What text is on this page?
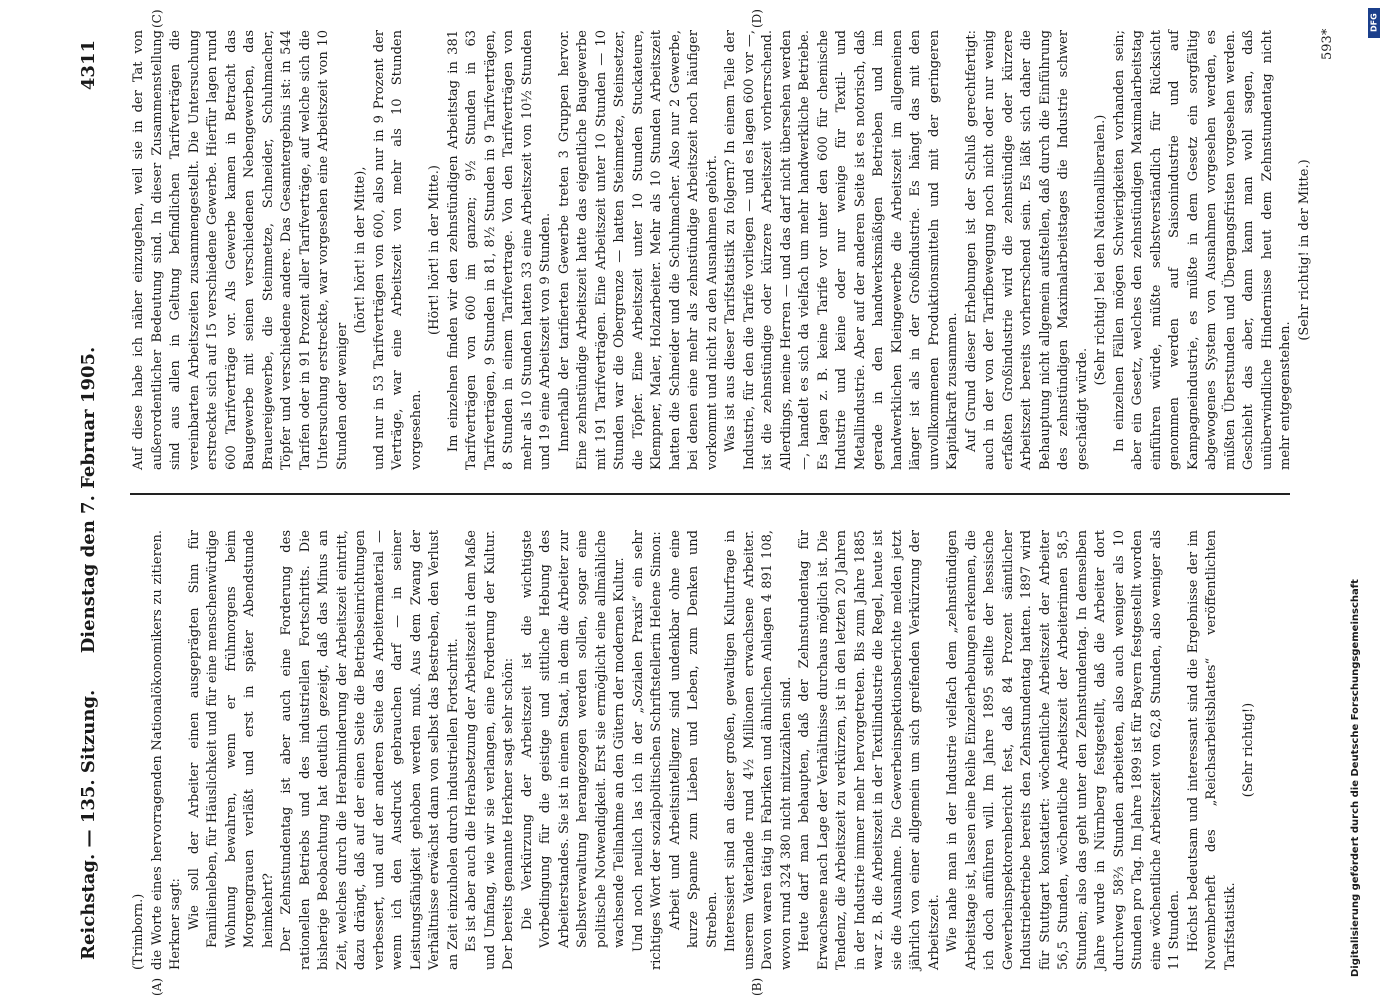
Reichstag. — 135. Sitzung.
Dienstag den 7. Februar 1905.
4311
(A)	(B)
(C)	(D)

(Trimborn.) die Worte eines hervorragenden Nationalökonomikers zu zitieren. Herkner sagt: Wie soll der Arbeiter einen ausgeprägten Sinn für Familienleben, für Häuslichkeit und für eine menschenwürdige Wohnung bewahren, wenn er frühmorgens beim Morgengrauen verläßt und erst in später Abendstunde heimkehrt? Der Zehnstundentag ist aber auch eine Forderung des rationellen Betriebs und des industriellen Fortschritts. Die bisherige Beobachtung hat deutlich gezeigt, daß das Minus an Zeit, welches durch die Herabminderung der Arbeitszeit eintritt, dazu drängt, daß auf der einen Seite die Betriebseinrichtungen verbessert, und auf der anderen Seite das Arbeitermaterial — wenn ich den Ausdruck gebrauchen darf — in seiner Leistungsfähigkeit gehoben werden muß. Aus dem Zwang der Verhältnisse erwächst dann von selbst das Bestreben, den Verlust an Zeit einzuholen durch industriellen Fortschritt. Es ist aber auch die Herabsetzung der Arbeitszeit in dem Maße und Umfang, wie wir sie verlangen, eine Forderung der Kultur. Der bereits genannte Herkner sagt sehr schön: Die Verkürzung der Arbeitszeit ist die wichtigste Vorbedingung für die geistige und sittliche Hebung des Arbeiterstandes. Sie ist in einem Staat, in dem die Arbeiter zur Selbstverwaltung herangezogen werden sollen, sogar eine politische Notwendigkeit. Erst sie ermöglicht eine allmähliche wachsende Teilnahme an den Gütern der modernen Kultur. Und noch neulich las ich in der „Sozialen Praxis“ ein sehr richtiges Wort der sozialpolitischen Schriftstellerin Helene Simon: Arbeit und Arbeitsintelligenz sind undenkbar ohne eine kurze Spanne zum Lieben und Leben, zum Denken und Streben. Interessiert sind an dieser großen, gewaltigen Kulturfrage in unserem Vaterlande rund 4½ Millionen erwachsene Arbeiter. Davon waren tätig in Fabriken und ähnlichen Anlagen 4 891 108, wovon rund 324 380 nicht mitzuzählen sind. Heute darf man behaupten, daß der Zehnstundentag für Erwachsene nach Lage der Verhältnisse durchaus möglich ist. Die Tendenz, die Arbeitszeit zu verkürzen, ist in den letzten 20 Jahren in der Industrie immer mehr hervorgetreten. Bis zum Jahre 1885 war z. B. die Arbeitszeit in der Textilindustrie die Regel, heute ist sie die Ausnahme. Die Gewerbeinspektionsberichte melden jetzt jährlich von einer allgemein um sich greifenden Verkürzung der Arbeitszeit. Wie nahe man in der Industrie vielfach dem „zehnstündigen Arbeitstage ist, lassen eine Reihe Einzelerhebungen erkennen, die ich doch anführen will. Im Jahre 1895 stellte der hessische Gewerbeinspektorenbericht fest, daß 84 Prozent sämtlicher Industriebetriebe bereits den Zehnstundentag hatten. 1897 wird für Stuttgart konstatiert: wöchentliche Arbeitszeit der Arbeiter 56,5 Stunden, wöchentliche Arbeitszeit der Arbeiterinnen 58,5 Stunden; also das geht unter den Zehnstundentag. In demselben Jahre wurde in Nürnberg festgestellt, daß die Arbeiter dort durchweg 58⅔ Stunden arbeiteten, also auch weniger als 10 Stunden pro Tag. Im Jahre 1899 ist für Bayern festgestellt worden eine wöchentliche Arbeitszeit von 62,8 Stunden, also weniger als 11 Stunden. Höchst bedeutsam und interessant sind die Ergebnisse der im Novemberheft des „Reichsarbeitsblattes“ veröffentlichten Tarifstatistik.

(Sehr richtig!)

Auf diese habe ich näher einzugehen, weil sie in der Tat von außerordentlicher Bedeutung sind. In dieser Zusammenstellung sind aus allen in Geltung befindlichen Tarifverträgen die vereinbarten Arbeitszeiten zusammengestellt. Die Untersuchung erstreckte sich auf 15 verschiedene Gewerbe. Hierfür lagen rund 600 Tarifverträge vor. Als Gewerbe kamen in Betracht das Baugewerbe mit seinen verschiedenen Nebengewerben, das Brauereigewerbe, die Steinmetze, Schneider, Schuhmacher, Töpfer und verschiedene andere. Das Gesamtergebnis ist: in 544 Tarifen oder in 91 Prozent aller Tarifverträge, auf welche sich die Untersuchung erstreckte, war vorgesehen eine Arbeitszeit von 10 Stunden oder weniger

(hört! hört! in der Mitte), und nur in 53 Tarifverträgen von 600, also nur in 9 Prozent der Verträge, war eine Arbeitszeit von mehr als 10 Stunden vorgesehen.

(Hört! hört! in der Mitte.) Im einzelnen finden wir den zehnstündigen Arbeitstag in 381 Tarifverträgen von 600 im ganzen; 9½ Stunden in 63 Tarifverträgen, 9 Stunden in 81, 8½ Stunden in 9 Tarifverträgen, 8 Stunden in einem Tarifvertrage. Von den Tarifverträgen von mehr als 10 Stunden hatten 33 eine Arbeitszeit von 10½ Stunden und 19 eine Arbeitszeit von 9 Stunden. Innerhalb der tarifierten Gewerbe treten 3 Gruppen hervor. Eine zehnstündige Arbeitszeit hatte das eigentliche Baugewerbe mit 191 Tarifverträgen. Eine Arbeitszeit unter 10 Stunden — 10 Stunden war die Obergrenze — hatten Steinmetze, Steinsetzer, die Töpfer. Eine Arbeitszeit unter 10 Stunden Stuckateure, Klempner, Maler, Holzarbeiter. Mehr als 10 Stunden Arbeitszeit hatten die Schneider und die Schuhmacher. Also nur 2 Gewerbe, bei denen eine mehr als zehnstündige Arbeitszeit noch häufiger vorkommt und nicht zu den Ausnahmen gehört. Was ist aus dieser Tarifstatistik zu folgern? In einem Teile der Industrie, für den die Tarife vorliegen — und es lagen 600 vor —, ist die zehnstündige oder kürzere Arbeitszeit vorherrschend. Allerdings, meine Herren — und das darf nicht übersehen werden —, handelt es sich da vielfach um mehr handwerkliche Betriebe. Es lagen z. B. keine Tarife vor unter den 600 für chemische Industrie und keine oder nur wenige für Textil- und Metallindustrie. Aber auf der anderen Seite ist es notorisch, daß gerade in den handwerksmäßigen Betrieben und im handwerklichen Kleingewerbe die Arbeitszeit im allgemeinen länger ist als in der Großindustrie. Es hängt das mit den unvollkommenen Produktionsmitteln und mit der geringeren Kapitalkraft zusammen. Auf Grund dieser Erhebungen ist der Schluß gerechtfertigt: auch in der von der Tarifbewegung noch nicht oder nur wenig erfaßten Großindustrie wird die zehnstündige oder kürzere Arbeitszeit bereits vorherrschend sein. Es läßt sich daher die Behauptung nicht allgemein aufstellen, daß durch die Einführung des zehnstündigen Maximalarbeitstages die Industrie schwer geschädigt würde.

(Sehr richtig! bei den Nationalliberalen.) In einzelnen Fällen mögen Schwierigkeiten vorhanden sein; aber ein Gesetz, welches den zehnstündigen Maximalarbeitstag einführen würde, müßte selbstverständlich für Rücksicht genommen werden auf Saisonindustrie und auf Kampagneindustrie, es müßte in dem Gesetz ein sorgfältig abgewogenes System von Ausnahmen vorgesehen werden, es müßten Überstunden und Übergangsfristen vorgesehen werden. Geschieht das aber, dann kann man wohl sagen, daß unüberwindliche Hindernisse heut dem Zehnstundentag nicht mehr entgegenstehen.

(Sehr richtig! in der Mitte.)

593*
Digitalisierung gefördert durch die Deutsche Forschungsgemeinschaft
DFG
